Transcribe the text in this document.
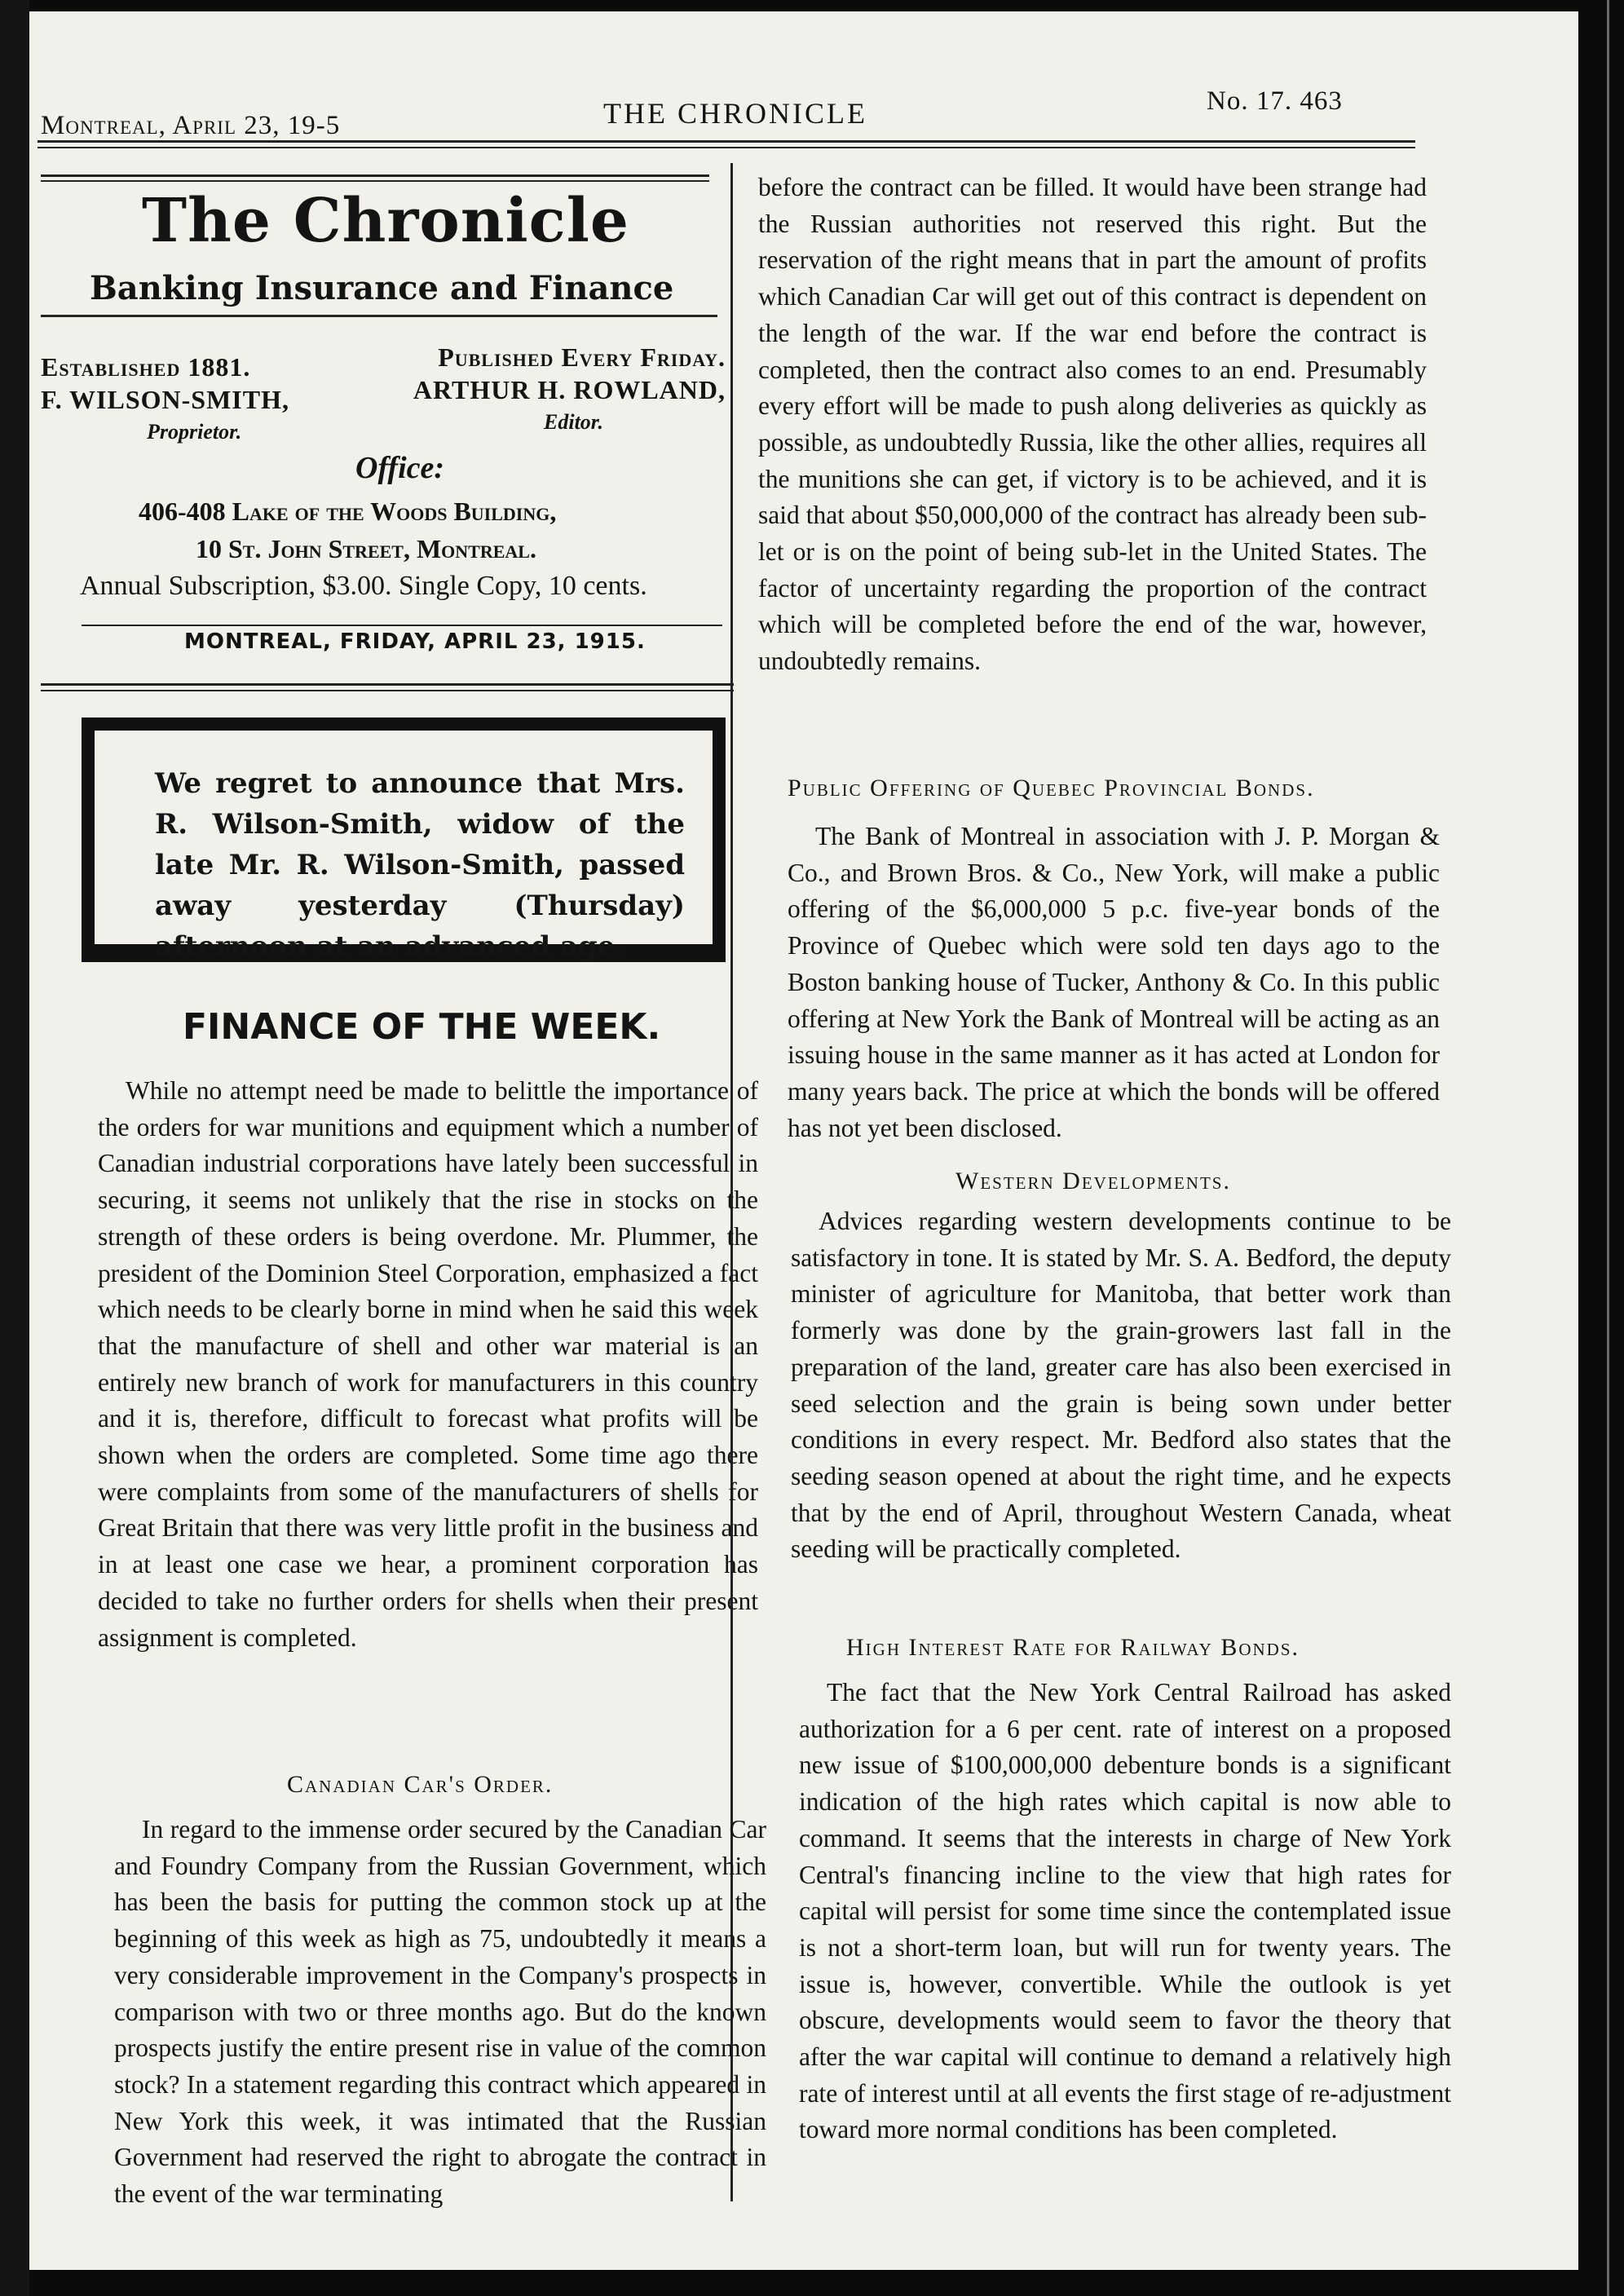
Montreal, April 23, 19-5	THE CHRONICLE	No. 17. 463
The Chronicle
Banking Insurance and Finance
Established 1881.
F. WILSON-SMITH,
Proprietor.
Published Every Friday.
ARTHUR H. ROWLAND,
Editor.
Office:
406-408 Lake of the Woods Building,
10 St. John Street, Montreal.
Annual Subscription, $3.00. Single Copy, 10 cents.
MONTREAL, FRIDAY, APRIL 23, 1915.
We regret to announce that Mrs. R. Wilson-Smith, widow of the late Mr. R. Wilson-Smith, passed away yesterday (Thursday) afternoon at an advanced age.
FINANCE OF THE WEEK.

While no attempt need be made to belittle the importance of the orders for war munitions and equipment which a number of Canadian industrial corporations have lately been successful in securing, it seems not unlikely that the rise in stocks on the strength of these orders is being overdone. Mr. Plummer, the president of the Dominion Steel Corporation, emphasized a fact which needs to be clearly borne in mind when he said this week that the manufacture of shell and other war material is an entirely new branch of work for manufacturers in this country and it is, therefore, difficult to forecast what profits will be shown when the orders are completed. Some time ago there were complaints from some of the manufacturers of shells for Great Britain that there was very little profit in the business and in at least one case we hear, a prominent corporation has decided to take no further orders for shells when their present assignment is completed.

Canadian Car's Order.

In regard to the immense order secured by the Canadian Car and Foundry Company from the Russian Government, which has been the basis for putting the common stock up at the beginning of this week as high as 75, undoubtedly it means a very considerable improvement in the Company's prospects in comparison with two or three months ago. But do the known prospects justify the entire present rise in value of the common stock? In a statement regarding this contract which appeared in New York this week, it was intimated that the Russian Government had reserved the right to abrogate the contract in the event of the war terminating

before the contract can be filled. It would have been strange had the Russian authorities not reserved this right. But the reservation of the right means that in part the amount of profits which Canadian Car will get out of this contract is dependent on the length of the war. If the war end before the contract is completed, then the contract also comes to an end. Presumably every effort will be made to push along deliveries as quickly as possible, as undoubtedly Russia, like the other allies, requires all the munitions she can get, if victory is to be achieved, and it is said that about $50,000,000 of the contract has already been sub-let or is on the point of being sub-let in the United States. The factor of uncertainty regarding the proportion of the contract which will be completed before the end of the war, however, undoubtedly remains.

Public Offering of Quebec Provincial Bonds.

The Bank of Montreal in association with J. P. Morgan & Co., and Brown Bros. & Co., New York, will make a public offering of the $6,000,000 5 p.c. five-year bonds of the Province of Quebec which were sold ten days ago to the Boston banking house of Tucker, Anthony & Co. In this public offering at New York the Bank of Montreal will be acting as an issuing house in the same manner as it has acted at London for many years back. The price at which the bonds will be offered has not yet been disclosed.

Western Developments.

Advices regarding western developments continue to be satisfactory in tone. It is stated by Mr. S. A. Bedford, the deputy minister of agriculture for Manitoba, that better work than formerly was done by the grain-growers last fall in the preparation of the land, greater care has also been exercised in seed selection and the grain is being sown under better conditions in every respect. Mr. Bedford also states that the seeding season opened at about the right time, and he expects that by the end of April, throughout Western Canada, wheat seeding will be practically completed.

High Interest Rate for Railway Bonds.

The fact that the New York Central Railroad has asked authorization for a 6 per cent. rate of interest on a proposed new issue of $100,000,000 debenture bonds is a significant indication of the high rates which capital is now able to command. It seems that the interests in charge of New York Central's financing incline to the view that high rates for capital will persist for some time since the contemplated issue is not a short-term loan, but will run for twenty years. The issue is, however, convertible. While the outlook is yet obscure, developments would seem to favor the theory that after the war capital will continue to demand a relatively high rate of interest until at all events the first stage of re-adjustment toward more normal conditions has been completed.
